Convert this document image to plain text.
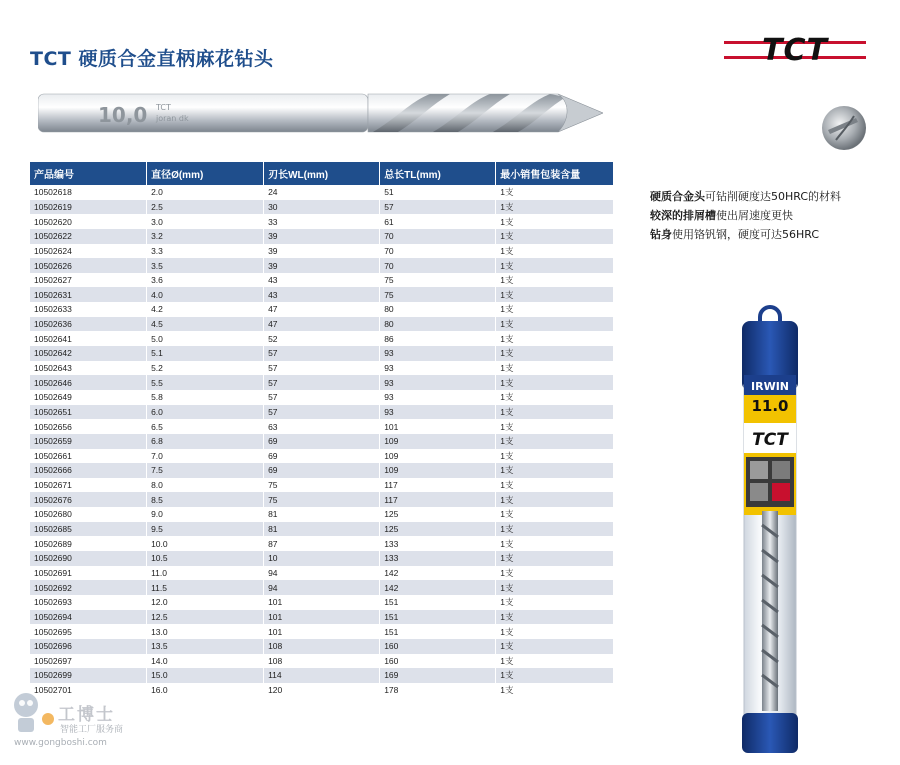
TCT 硬质合金直柄麻花钻头
10,0 TCT
joran dk
TCT
产品编号	直径Ø(mm)	刃长WL(mm)	总长TL(mm)	最小销售包装含量
10502618	2.0	24	51	1支
10502619	2.5	30	57	1支
10502620	3.0	33	61	1支
10502622	3.2	39	70	1支
10502624	3.3	39	70	1支
10502626	3.5	39	70	1支
10502627	3.6	43	75	1支
10502631	4.0	43	75	1支
10502633	4.2	47	80	1支
10502636	4.5	47	80	1支
10502641	5.0	52	86	1支
10502642	5.1	57	93	1支
10502643	5.2	57	93	1支
10502646	5.5	57	93	1支
10502649	5.8	57	93	1支
10502651	6.0	57	93	1支
10502656	6.5	63	101	1支
10502659	6.8	69	109	1支
10502661	7.0	69	109	1支
10502666	7.5	69	109	1支
10502671	8.0	75	117	1支
10502676	8.5	75	117	1支
10502680	9.0	81	125	1支
10502685	9.5	81	125	1支
10502689	10.0	87	133	1支
10502690	10.5	10	133	1支
10502691	11.0	94	142	1支
10502692	11.5	94	142	1支
10502693	12.0	101	151	1支
10502694	12.5	101	151	1支
10502695	13.0	101	151	1支
10502696	13.5	108	160	1支
10502697	14.0	108	160	1支
10502699	15.0	114	169	1支
10502701	16.0	120	178	1支
硬质合金头可钻削硬度达50HRC的材料
较深的排屑槽使出屑速度更快
钻身使用铬钒钢，硬度可达56HRC
IRWIN
11.0
TCT
工博士
智能工厂服务商
www.gongboshi.com
